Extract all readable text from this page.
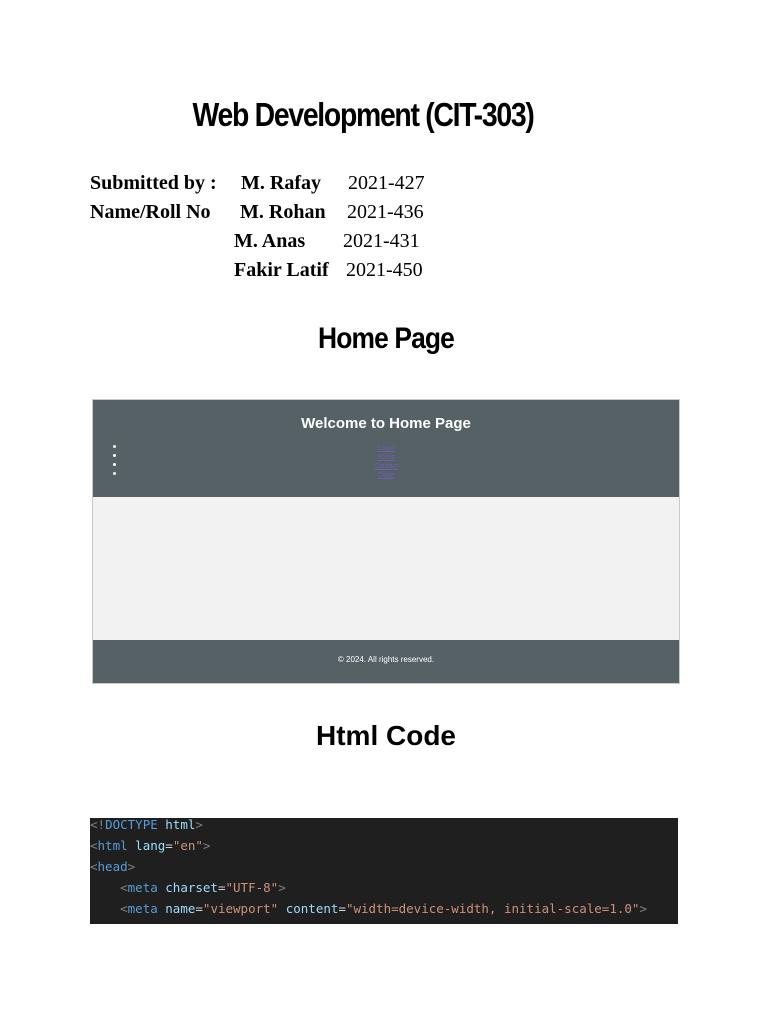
Web Development (CIT-303)
Submitted by : M. Rafay 2021-427
Name/Roll No M. Rohan 2021-436
M. Anas 2021-431
Fakir Latif 2021-450
Home Page
Welcome to Home Page
Login
About
Contact
Table
© 2024. All rights reserved.
Html Code
<!DOCTYPE html>
<html lang="en">
<head>
<meta charset="UTF-8">
<meta name="viewport" content="width=device-width, initial-scale=1.0">
